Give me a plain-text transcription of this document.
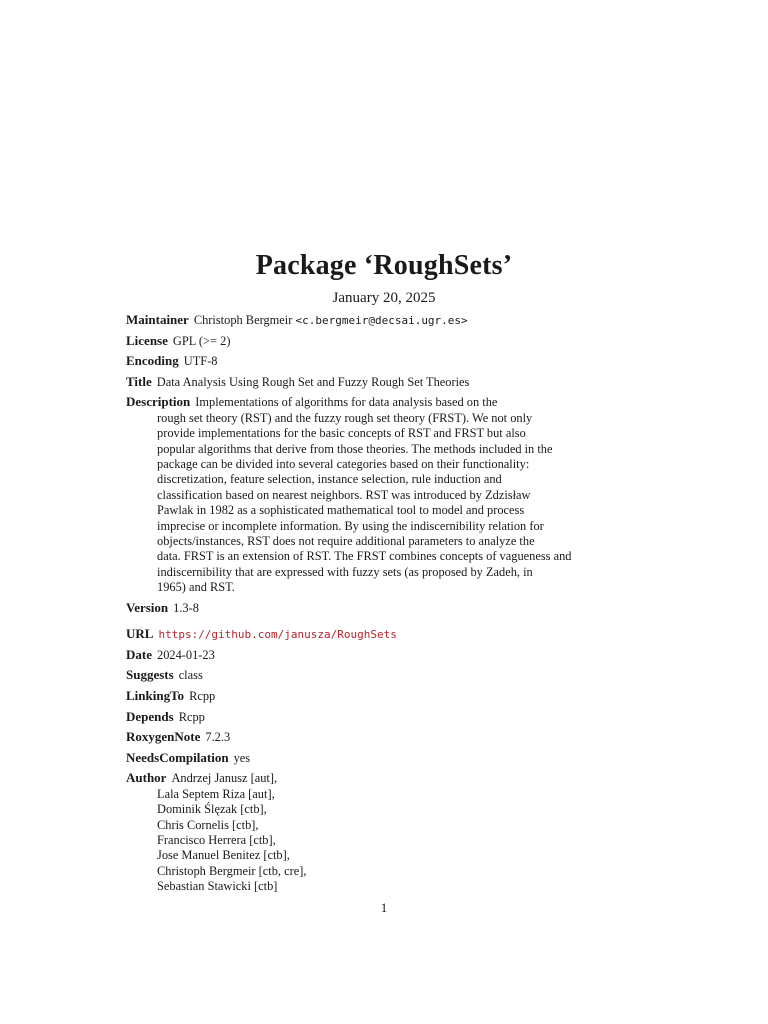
Package ‘RoughSets’
January 20, 2025
Maintainer Christoph Bergmeir <c.bergmeir@decsai.ugr.es>
License GPL (>= 2)
Encoding UTF-8
Title Data Analysis Using Rough Set and Fuzzy Rough Set Theories
Description Implementations of algorithms for data analysis based on the
rough set theory (RST) and the fuzzy rough set theory (FRST). We not only
provide implementations for the basic concepts of RST and FRST but also
popular algorithms that derive from those theories. The methods included in the
package can be divided into several categories based on their functionality:
discretization, feature selection, instance selection, rule induction and
classification based on nearest neighbors. RST was introduced by Zdzisław
Pawlak in 1982 as a sophisticated mathematical tool to model and process
imprecise or incomplete information. By using the indiscernibility relation for
objects/instances, RST does not require additional parameters to analyze the
data. FRST is an extension of RST. The FRST combines concepts of vagueness and
indiscernibility that are expressed with fuzzy sets (as proposed by Zadeh, in
1965) and RST.
Version 1.3-8
URL https://github.com/janusza/RoughSets
Date 2024-01-23
Suggests class
LinkingTo Rcpp
Depends Rcpp
RoxygenNote 7.2.3
NeedsCompilation yes
Author Andrzej Janusz [aut],
Lala Septem Riza [aut],
Dominik Ślęzak [ctb],
Chris Cornelis [ctb],
Francisco Herrera [ctb],
Jose Manuel Benitez [ctb],
Christoph Bergmeir [ctb, cre],
Sebastian Stawicki [ctb]
1
